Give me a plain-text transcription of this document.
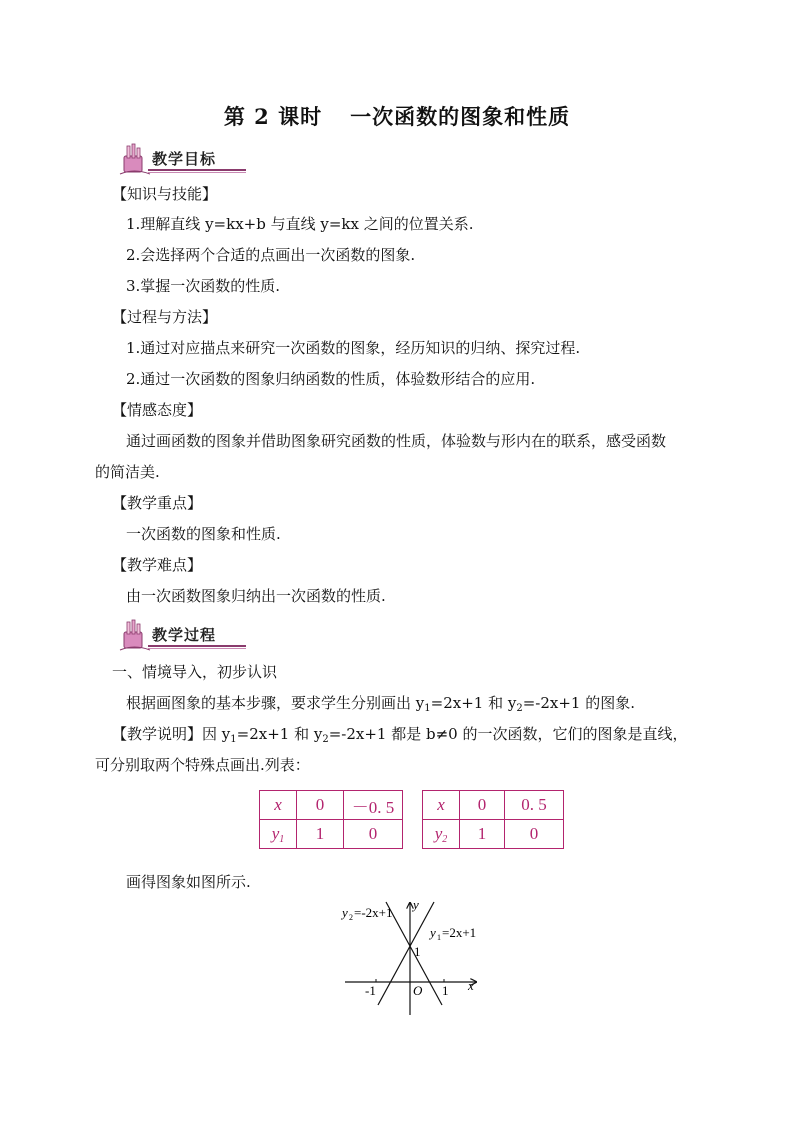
第 2 课时 一次函数的图象和性质
教学目标
【知识与技能】
1.理解直线 y=kx+b 与直线 y=kx 之间的位置关系.
2.会选择两个合适的点画出一次函数的图象.
3.掌握一次函数的性质.
【过程与方法】
1.通过对应描点来研究一次函数的图象，经历知识的归纳、探究过程.
2.通过一次函数的图象归纳函数的性质，体验数形结合的应用.
【情感态度】
通过画函数的图象并借助图象研究函数的性质，体验数与形内在的联系，感受函数
的简洁美.
【教学重点】
一次函数的图象和性质.
【教学难点】
由一次函数图象归纳出一次函数的性质.
教学过程
一、情境导入，初步认识
根据画图象的基本步骤，要求学生分别画出 $y_1=2x+1$ 和 $y_2=-2x+1$ 的图象.
【教学说明】因 $y_1=2x+1$ 和 $y_2=-2x+1$ 都是 b≠0 的一次函数，它们的图象是直线，
可分别取两个特殊点画出.列表：
x	0	－0. 5
$y_1$	1	0
x	0	0. 5
$y_2$	1	0
画得图象如图所示.
y 2 =-2x+1
y 1 =2x+1
y
x
O
-1	1
1
